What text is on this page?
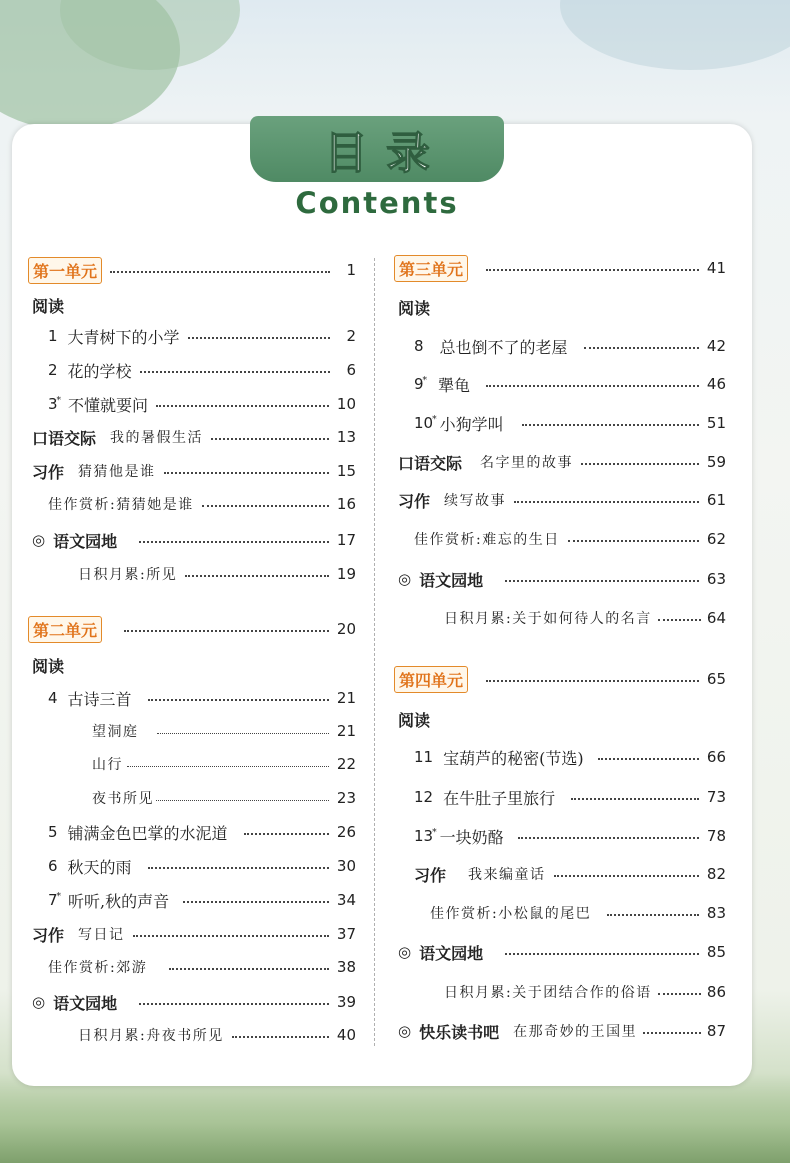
目录
Contents
第一单元	1
阅读
1 大青树下的小学	2
2 花的学校	6
3 * 不懂就要问	10
口语交际 我的暑假生活	13
习作 猜猜他是谁	15
佳作赏析:猜猜她是谁	16
◎ 语文园地	17
日积月累:所见	19
第二单元	20
阅读
4 古诗三首	21
望洞庭	21
山行	22
夜书所见	23
5 铺满金色巴掌的水泥道	26
6 秋天的雨	30
7 * 听听,秋的声音	34
习作 写日记	37
佳作赏析:郊游	38
◎ 语文园地	39
日积月累:舟夜书所见	40
第三单元	41
阅读
8 总也倒不了的老屋	42
9 * 犟龟	46
10 * 小狗学叫	51
口语交际 名字里的故事	59
习作 续写故事	61
佳作赏析:难忘的生日	62
◎ 语文园地	63
日积月累:关于如何待人的名言	64
第四单元	65
阅读
11 宝葫芦的秘密(节选)	66
12 在牛肚子里旅行	73
13 * 一块奶酪	78
习作 我来编童话	82
佳作赏析:小松鼠的尾巴	83
◎ 语文园地	85
日积月累:关于团结合作的俗语	86
◎ 快乐读书吧 在那奇妙的王国里	87
